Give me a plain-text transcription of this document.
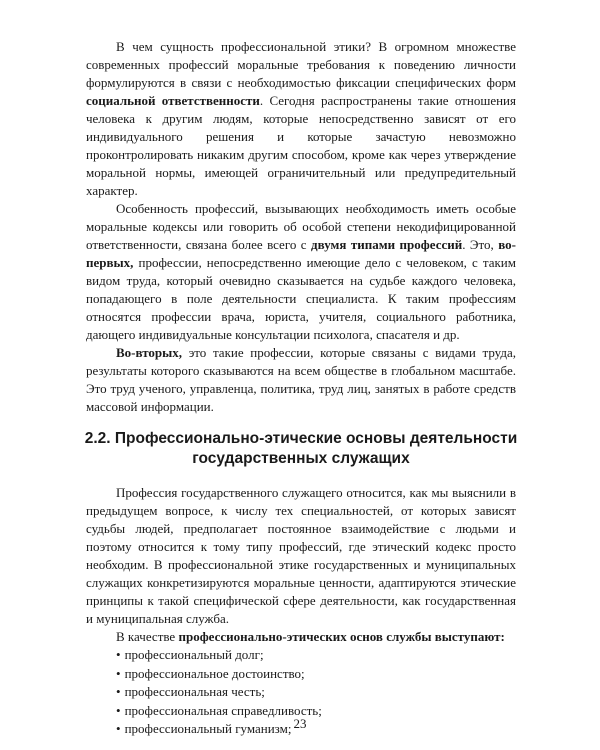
В чем сущность профессиональной этики? В огромном множестве современных профессий моральные требования к поведению личности формулируются в связи с необходимостью фиксации специфических форм социальной ответственности. Сегодня распространены такие отношения человека к другим людям, которые непосредственно зависят от его индивидуального решения и которые зачастую невозможно проконтролировать никаким другим способом, кроме как через утверждение моральной нормы, имеющей ограничительный или предупредительный характер.

Особенность профессий, вызывающих необходимость иметь особые моральные кодексы или говорить об особой степени некодифицированной ответственности, связана более всего с двумя типами профессий. Это, во-первых, профессии, непосредственно имеющие дело с человеком, с таким видом труда, который очевидно сказывается на судьбе каждого человека, попадающего в поле деятельности специалиста. К таким профессиям относятся профессии врача, юриста, учителя, социального работника, дающего индивидуальные консультации психолога, спасателя и др.

Во-вторых, это такие профессии, которые связаны с видами труда, результаты которого сказываются на всем обществе в глобальном масштабе. Это труд ученого, управленца, политика, труд лиц, занятых в работе средств массовой информации.

2.2. Профессионально-этические основы деятельности
государственных служащих

Профессия государственного служащего относится, как мы выяснили в предыдущем вопросе, к числу тех специальностей, от которых зависят судьбы людей, предполагает постоянное взаимодействие с людьми и поэтому относится к тому типу профессий, где этический кодекс просто необходим. В профессиональной этике государственных и муниципальных служащих конкретизируются моральные ценности, адаптируются этические принципы к такой специфической сфере деятельности, как государственная и муниципальная служба.

В качестве профессионально-этических основ службы выступают:

• профессиональный долг;
• профессиональное достоинство;
• профессиональная честь;
• профессиональная справедливость;
• профессиональный гуманизм; 23
